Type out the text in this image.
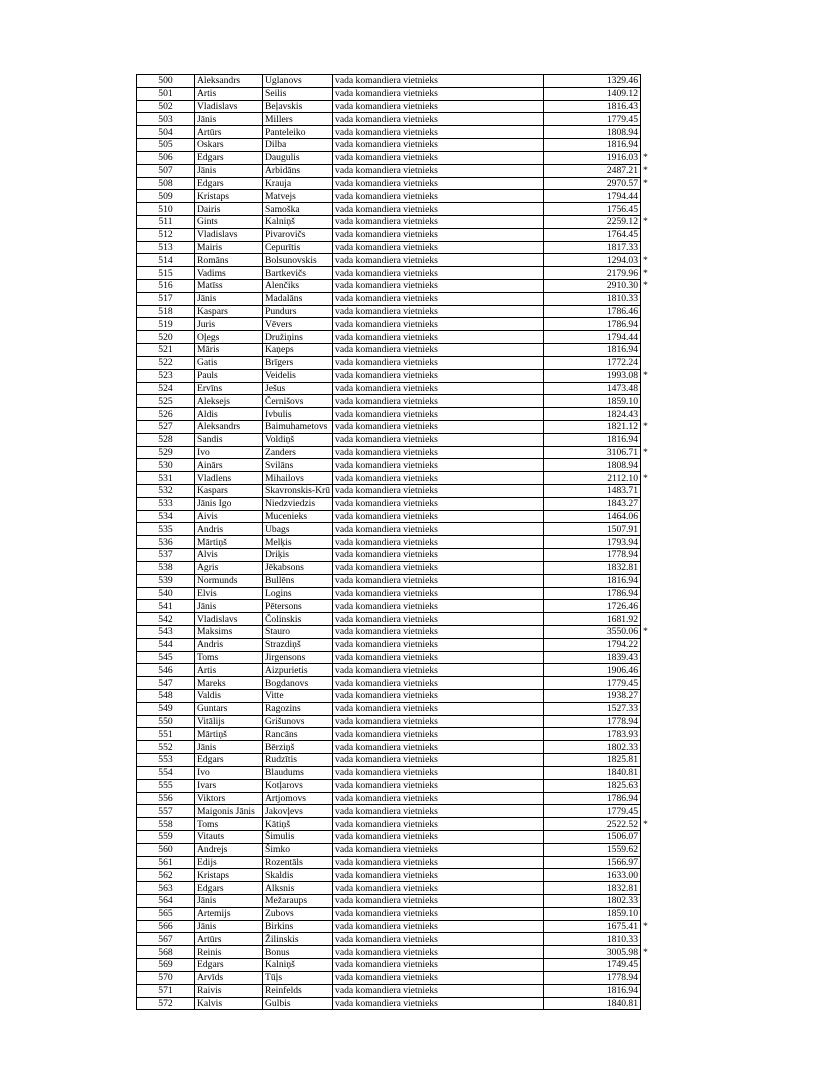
500	Aleksandrs	Uglanovs	vada komandiera vietnieks	1329.46	
501	Artis	Seilis	vada komandiera vietnieks	1409.12	
502	Vladislavs	Beļavskis	vada komandiera vietnieks	1816.43	
503	Jānis	Millers	vada komandiera vietnieks	1779.45	
504	Artūrs	Panteleiko	vada komandiera vietnieks	1808.94	
505	Oskars	Dilba	vada komandiera vietnieks	1816.94	
506	Edgars	Daugulis	vada komandiera vietnieks	1916.03	*
507	Jānis	Arbidāns	vada komandiera vietnieks	2487.21	*
508	Edgars	Krauja	vada komandiera vietnieks	2970.57	*
509	Kristaps	Matvejs	vada komandiera vietnieks	1794.44	
510	Dairis	Samoška	vada komandiera vietnieks	1756.45	
511	Gints	Kalniņš	vada komandiera vietnieks	2259.12	*
512	Vladislavs	Pivarovičs	vada komandiera vietnieks	1764.45	
513	Mairis	Cepurītis	vada komandiera vietnieks	1817.33	
514	Romāns	Bolsunovskis	vada komandiera vietnieks	1294.03	*
515	Vadims	Bartkevičs	vada komandiera vietnieks	2179.96	*
516	Matīss	Alenčiks	vada komandiera vietnieks	2910.30	*
517	Jānis	Madalāns	vada komandiera vietnieks	1810.33	
518	Kaspars	Pundurs	vada komandiera vietnieks	1786.46	
519	Juris	Vēvers	vada komandiera vietnieks	1786.94	
520	Oļegs	Družiņins	vada komandiera vietnieks	1794.44	
521	Māris	Kaņeps	vada komandiera vietnieks	1816.94	
522	Gatis	Brīgers	vada komandiera vietnieks	1772.24	
523	Pauls	Veidelis	vada komandiera vietnieks	1993.08	*
524	Ervīns	Ješus	vada komandiera vietnieks	1473.48	
525	Aleksejs	Černišovs	vada komandiera vietnieks	1859.10	
526	Aldis	Ivbulis	vada komandiera vietnieks	1824.43	
527	Aleksandrs	Baimuhametovs	vada komandiera vietnieks	1821.12	*
528	Sandis	Voldiņš	vada komandiera vietnieks	1816.94	
529	Ivo	Zanders	vada komandiera vietnieks	3106.71	*
530	Ainārs	Svilāns	vada komandiera vietnieks	1808.94	
531	Vladlens	Mihailovs	vada komandiera vietnieks	2112.10	*
532	Kaspars	Skavronskis-Krū	vada komandiera vietnieks	1483.71	
533	Jānis Igo	Niedzviedzis	vada komandiera vietnieks	1843.27	
534	Aivis	Mucenieks	vada komandiera vietnieks	1464.06	
535	Andris	Ubags	vada komandiera vietnieks	1507.91	
536	Mārtiņš	Melķis	vada komandiera vietnieks	1793.94	
537	Alvis	Driķis	vada komandiera vietnieks	1778.94	
538	Agris	Jēkabsons	vada komandiera vietnieks	1832.81	
539	Normunds	Bullēns	vada komandiera vietnieks	1816.94	
540	Elvis	Logins	vada komandiera vietnieks	1786.94	
541	Jānis	Pētersons	vada komandiera vietnieks	1726.46	
542	Vladislavs	Čolinskis	vada komandiera vietnieks	1681.92	
543	Maksims	Stauro	vada komandiera vietnieks	3550.06	*
544	Andris	Strazdiņš	vada komandiera vietnieks	1794.22	
545	Toms	Jirgensons	vada komandiera vietnieks	1839.43	
546	Artis	Aizpurietis	vada komandiera vietnieks	1906.46	
547	Mareks	Bogdanovs	vada komandiera vietnieks	1779.45	
548	Valdis	Vitte	vada komandiera vietnieks	1938.27	
549	Guntars	Ragozins	vada komandiera vietnieks	1527.33	
550	Vitālijs	Grišunovs	vada komandiera vietnieks	1778.94	
551	Mārtiņš	Rancāns	vada komandiera vietnieks	1783.93	
552	Jānis	Bērziņš	vada komandiera vietnieks	1802.33	
553	Edgars	Rudzītis	vada komandiera vietnieks	1825.81	
554	Ivo	Blaudums	vada komandiera vietnieks	1840.81	
555	Ivars	Kotļarovs	vada komandiera vietnieks	1825.63	
556	Viktors	Artjomovs	vada komandiera vietnieks	1786.94	
557	Maigonis Jānis	Jakovļevs	vada komandiera vietnieks	1779.45	
558	Toms	Kātiņš	vada komandiera vietnieks	2522.52	*
559	Vitauts	Šimulis	vada komandiera vietnieks	1506.07	
560	Andrejs	Šimko	vada komandiera vietnieks	1559.62	
561	Edijs	Rozentāls	vada komandiera vietnieks	1566.97	
562	Kristaps	Skaldis	vada komandiera vietnieks	1633.00	
563	Edgars	Alksnis	vada komandiera vietnieks	1832.81	
564	Jānis	Mežaraups	vada komandiera vietnieks	1802.33	
565	Artemijs	Zubovs	vada komandiera vietnieks	1859.10	
566	Jānis	Birkins	vada komandiera vietnieks	1675.41	*
567	Artūrs	Žilinskis	vada komandiera vietnieks	1810.33	
568	Reinis	Bonus	vada komandiera vietnieks	3005.98	*
569	Edgars	Kalniņš	vada komandiera vietnieks	1749.45	
570	Arvīds	Tūļs	vada komandiera vietnieks	1778.94	
571	Raivis	Reinfelds	vada komandiera vietnieks	1816.94	
572	Kalvis	Gulbis	vada komandiera vietnieks	1840.81	
